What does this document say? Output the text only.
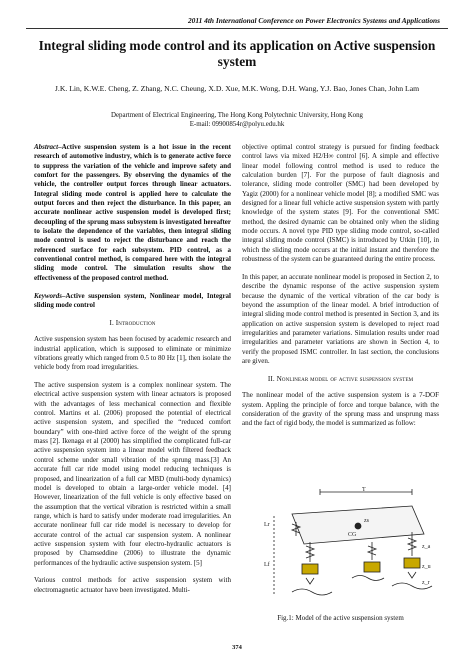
2011 4th International Conference on Power Electronics Systems and Applications
Integral sliding mode control and its application on Active suspension system
J.K. Lin, K.W.E. Cheng, Z. Zhang, N.C. Cheung, X.D. Xue, M.K. Wong, D.H. Wang, Y.J. Bao, Jones Chan, John Lam
Department of Electrical Engineering, The Hong Kong Polytechnic University, Hong Kong
E-mail: 09900854r@polyu.edu.hk

Abstract–Active suspension system is a hot issue in the recent research of automotive industry, which is to generate active force to suppress the variation of the vehicle and improve safety and comfort for the passengers. By observing the dynamics of the vehicle, the controller output forces through linear actuators. Integral sliding mode control is applied here to calculate the output forces and then reject the disturbance. In this paper, an accurate nonlinear active suspension model is developed first; decoupling of the sprung mass subsystem is investigated hereafter to isolate the dependence of the variables, then integral sliding mode control is used to reject the disturbance and reach the referenced surface for each subsystem. PID control, as a conventional control method, is compared here with the integral sliding mode control. The simulation results show the effectiveness of the proposed control method.

Keywords–Active suspension system, Nonlinear model, Integral sliding mode control

I. Introduction

Active suspension system has been focused by academic research and industrial application, which is supposed to eliminate or minimize vibrations greatly which ranged from 0.5 to 80 Hz [1], then isolate the vehicle body from road irregularities.

The active suspension system is a complex nonlinear system. The electrical active suspension system with linear actuators is proposed with the advantages of less mechanical connection and flexible control. Martins et al. (2006) proposed the potential of electrical active suspension system, and specified the “reduced comfort boundary” with one-third active force of the weight of the sprung mass [2]. Ikenaga et al (2000) has simplified the complicated full-car active suspension system into a linear model with filtered feedback control scheme under small vibration of the sprung mass.[3] An accurate full car ride model using model reducing techniques is proposed, and linearization of a full car MBD (multi-body dynamics) model is developed to obtain a large-order vehicle model. [4] However, linearization of the full vehicle is only effective based on the assumption that the vertical vibration is restricted within a small range, which is hard to satisfy under moderate road irregularities. An accurate nonlinear full car ride model is necessary to develop for accurate control of the actual car suspension system. A nonlinear active suspension system with four electro-hydraulic actuators is proposed by Chamseddine (2006) to illustrate the dynamic performances of the hydraulic active suspension system. [5]

Various control methods for active suspension system with electromagnetic actuator have been investigated. Multi-

objective optimal control strategy is pursued for finding feedback control laws via mixed H2/H∞ control [6]. A simple and effective linear model following control method is used to reduce the calculation burden [7]. For the purpose of fault diagnosis and tolerance, sliding mode controller (SMC) had been developed by Yagiz (2000) for a nonlinear vehicle model [8]; a modified SMC was designed for a linear full vehicle active suspension system with partly knowledge of the system states [9]. For the conventional SMC method, the desired dynamic can be obtained only when the sliding mode occurs. A novel type PID type sliding mode control, so-called integral sliding mode control (ISMC) is introduced by Utkin [10], in which the sliding mode occurs at the initial instant and therefore the robustness of the system can be guaranteed during the entire process.

In this paper, an accurate nonlinear model is proposed in Section 2, to describe the dynamic response of the active suspension system because the dynamic of the vertical vibration of the car body is beyond the assumption of the linear model. A brief introduction of integral sliding mode control method is presented in Section 3, and its application on active suspension system is developed to reject road irregularities and parameter variations. Simulation results under road irregularities and parameter variations are shown in Section 4, to verify the proposed ISMC controller. In last section, the conclusions are given.

II. Nonlinear model of active suspension system

The nonlinear model of the active suspension system is a 7-DOF system. Appling the principle of force and torque balance, with the consideration of the gravity of the sprung mass and unsprung mass and the fact of rigid body, the model is summarized as follow:

T
Lr
Lf
CG
zs
z_a
z_u
z_r
Fig.1: Model of the active suspension system
374
